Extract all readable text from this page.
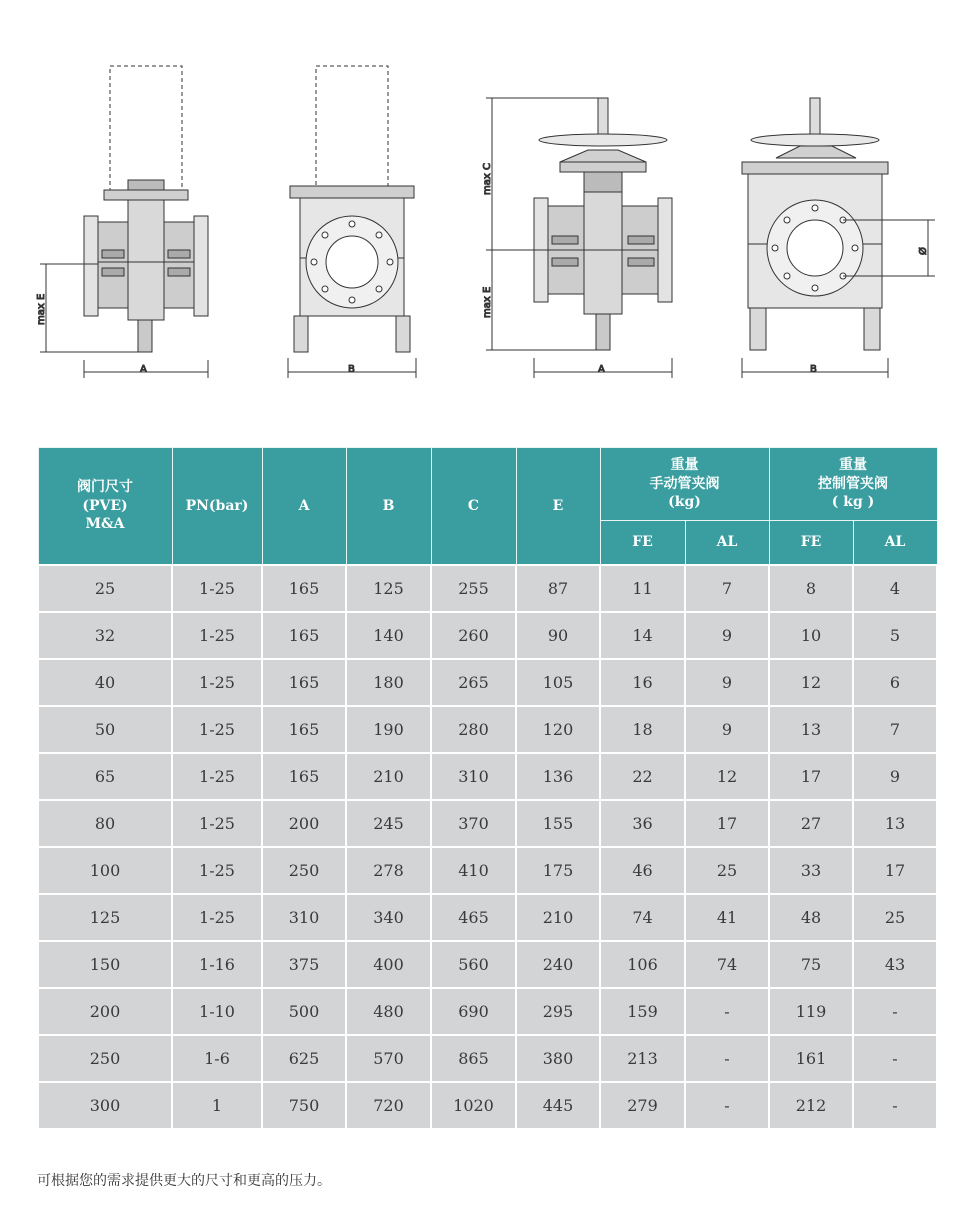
A
max E
B	A
max C
max E
B
Ø
阀门尺寸
(PVE)
M&A	PN(bar)	A	B	C	E	重量
手动管夹阀
(kg)		重量
控制管夹阀
( kg )	

						FE	AL	FE	AL
25	1-25	165	125	255	87	11	7	8	4
32	1-25	165	140	260	90	14	9	10	5
40	1-25	165	180	265	105	16	9	12	6
50	1-25	165	190	280	120	18	9	13	7
65	1-25	165	210	310	136	22	12	17	9
80	1-25	200	245	370	155	36	17	27	13
100	1-25	250	278	410	175	46	25	33	17
125	1-25	310	340	465	210	74	41	48	25
150	1-16	375	400	560	240	106	74	75	43
200	1-10	500	480	690	295	159	-	119	-
250	1-6	625	570	865	380	213	-	161	-
300	1	750	720	1020	445	279	-	212	-
可根据您的需求提供更大的尺寸和更高的压力。
